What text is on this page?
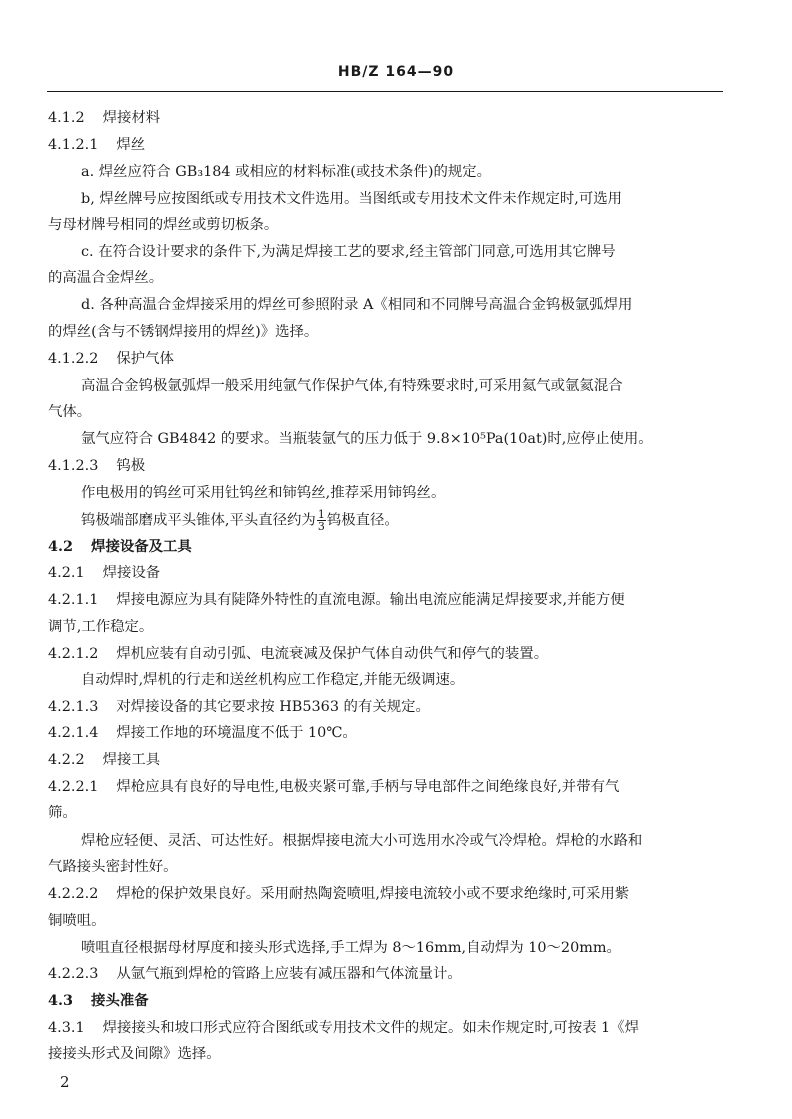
HB/Z 164—90
4.1.2 焊接材料
4.1.2.1 焊丝
a. 焊丝应符合 GB₃184 或相应的材料标准(或技术条件)的规定。
b, 焊丝牌号应按图纸或专用技术文件选用。当图纸或专用技术文件未作规定时,可选用
与母材牌号相同的焊丝或剪切板条。
c. 在符合设计要求的条件下,为满足焊接工艺的要求,经主管部门同意,可选用其它牌号
的高温合金焊丝。
d. 各种高温合金焊接采用的焊丝可参照附录 A《相同和不同牌号高温合金钨极氩弧焊用
的焊丝(含与不锈钢焊接用的焊丝)》选择。
4.1.2.2 保护气体
高温合金钨极氩弧焊一般采用纯氩气作保护气体,有特殊要求时,可采用氦气或氩氦混合
气体。
氩气应符合 GB4842 的要求。当瓶装氩气的压力低于 9.8×10⁵Pa(10at)时,应停止使用。
4.1.2.3 钨极
作电极用的钨丝可采用钍钨丝和铈钨丝,推荐采用铈钨丝。
钨极端部磨成平头锥体,平头直径约为 $\frac{1}{3}$ 钨极直径。
4.2 焊接设备及工具
4.2.1 焊接设备
4.2.1.1 焊接电源应为具有陡降外特性的直流电源。输出电流应能满足焊接要求,并能方便
调节,工作稳定。
4.2.1.2 焊机应装有自动引弧、电流衰减及保护气体自动供气和停气的装置。
自动焊时,焊机的行走和送丝机构应工作稳定,并能无级调速。
4.2.1.3 对焊接设备的其它要求按 HB5363 的有关规定。
4.2.1.4 焊接工作地的环境温度不低于 10℃。
4.2.2 焊接工具
4.2.2.1 焊枪应具有良好的导电性,电极夹紧可靠,手柄与导电部件之间绝缘良好,并带有气
筛。
焊枪应轻便、灵活、可达性好。根据焊接电流大小可选用水冷或气冷焊枪。焊枪的水路和
气路接头密封性好。
4.2.2.2 焊枪的保护效果良好。采用耐热陶瓷喷咀,焊接电流较小或不要求绝缘时,可采用紫
铜喷咀。
喷咀直径根据母材厚度和接头形式选择,手工焊为 8～16mm,自动焊为 10～20mm。
4.2.2.3 从氩气瓶到焊枪的管路上应装有减压器和气体流量计。
4.3 接头准备
4.3.1 焊接接头和坡口形式应符合图纸或专用技术文件的规定。如未作规定时,可按表 1《焊
接接头形式及间隙》选择。
2
